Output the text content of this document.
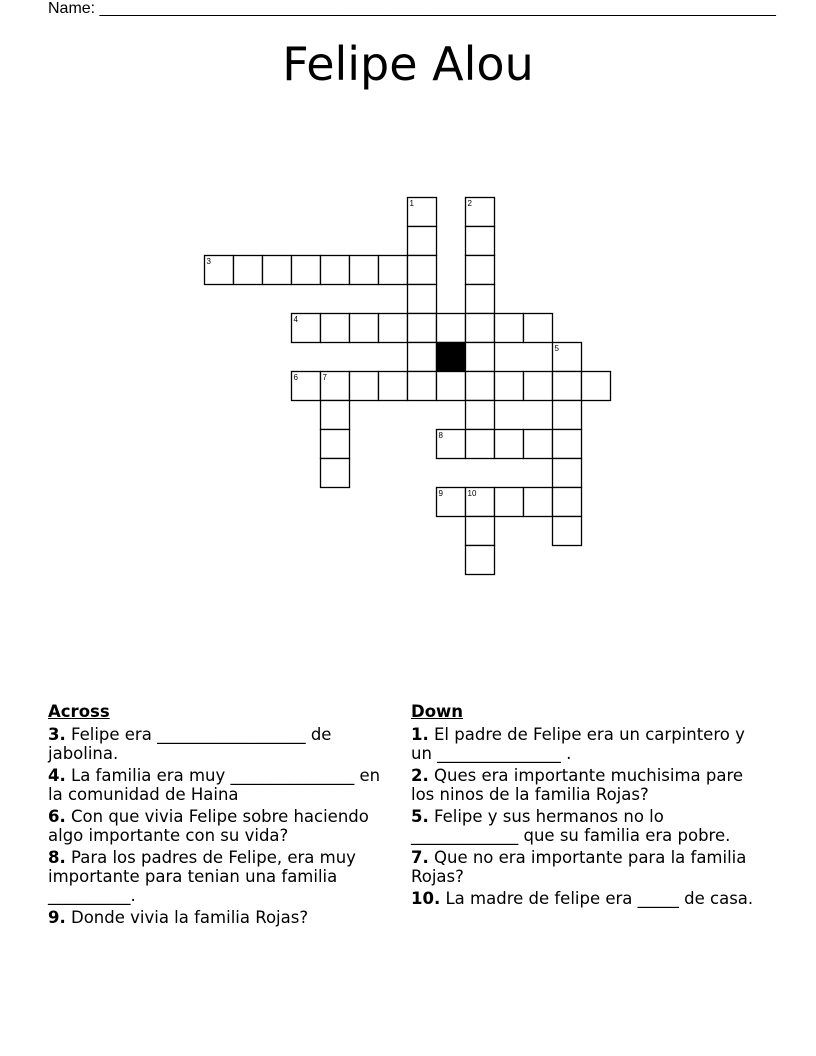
Name: ____________________________________________________________________________
Felipe Alou
1	2
3
4
5
6	7
8
9	10
Across
3. Felipe era __________________ de jabolina.
4. La familia era muy _______________ en la comunidad de Haina
6. Con que vivia Felipe sobre haciendo algo importante con su vida?
8. Para los padres de Felipe, era muy importante para tenian una familia __________.
9. Donde vivia la familia Rojas?
Down
1. El padre de Felipe era un carpintero y un _______________ .
2. Ques era importante muchisima pare los ninos de la familia Rojas?
5. Felipe y sus hermanos no lo _____________ que su familia era pobre.
7. Que no era importante para la familia Rojas?
10. La madre de felipe era _____ de casa.
